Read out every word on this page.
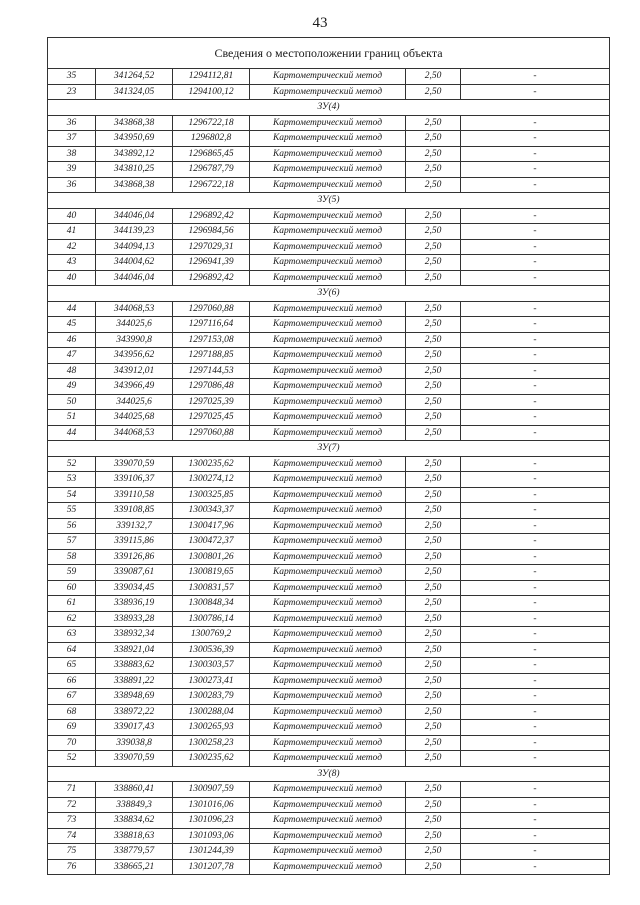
43
Сведения о местоположении границ объекта					
35	341264,52	1294112,81	Картометрический метод	2,50	-
23	341324,05	1294100,12	Картометрический метод	2,50	-
ЗУ(4)					
36	343868,38	1296722,18	Картометрический метод	2,50	-
37	343950,69	1296802,8	Картометрический метод	2,50	-
38	343892,12	1296865,45	Картометрический метод	2,50	-
39	343810,25	1296787,79	Картометрический метод	2,50	-
36	343868,38	1296722,18	Картометрический метод	2,50	-
ЗУ(5)					
40	344046,04	1296892,42	Картометрический метод	2,50	-
41	344139,23	1296984,56	Картометрический метод	2,50	-
42	344094,13	1297029,31	Картометрический метод	2,50	-
43	344004,62	1296941,39	Картометрический метод	2,50	-
40	344046,04	1296892,42	Картометрический метод	2,50	-
ЗУ(6)					
44	344068,53	1297060,88	Картометрический метод	2,50	-
45	344025,6	1297116,64	Картометрический метод	2,50	-
46	343990,8	1297153,08	Картометрический метод	2,50	-
47	343956,62	1297188,85	Картометрический метод	2,50	-
48	343912,01	1297144,53	Картометрический метод	2,50	-
49	343966,49	1297086,48	Картометрический метод	2,50	-
50	344025,6	1297025,39	Картометрический метод	2,50	-
51	344025,68	1297025,45	Картометрический метод	2,50	-
44	344068,53	1297060,88	Картометрический метод	2,50	-
ЗУ(7)					
52	339070,59	1300235,62	Картометрический метод	2,50	-
53	339106,37	1300274,12	Картометрический метод	2,50	-
54	339110,58	1300325,85	Картометрический метод	2,50	-
55	339108,85	1300343,37	Картометрический метод	2,50	-
56	339132,7	1300417,96	Картометрический метод	2,50	-
57	339115,86	1300472,37	Картометрический метод	2,50	-
58	339126,86	1300801,26	Картометрический метод	2,50	-
59	339087,61	1300819,65	Картометрический метод	2,50	-
60	339034,45	1300831,57	Картометрический метод	2,50	-
61	338936,19	1300848,34	Картометрический метод	2,50	-
62	338933,28	1300786,14	Картометрический метод	2,50	-
63	338932,34	1300769,2	Картометрический метод	2,50	-
64	338921,04	1300536,39	Картометрический метод	2,50	-
65	338883,62	1300303,57	Картометрический метод	2,50	-
66	338891,22	1300273,41	Картометрический метод	2,50	-
67	338948,69	1300283,79	Картометрический метод	2,50	-
68	338972,22	1300288,04	Картометрический метод	2,50	-
69	339017,43	1300265,93	Картометрический метод	2,50	-
70	339038,8	1300258,23	Картометрический метод	2,50	-
52	339070,59	1300235,62	Картометрический метод	2,50	-
ЗУ(8)					
71	338860,41	1300907,59	Картометрический метод	2,50	-
72	338849,3	1301016,06	Картометрический метод	2,50	-
73	338834,62	1301096,23	Картометрический метод	2,50	-
74	338818,63	1301093,06	Картометрический метод	2,50	-
75	338779,57	1301244,39	Картометрический метод	2,50	-
76	338665,21	1301207,78	Картометрический метод	2,50	-
